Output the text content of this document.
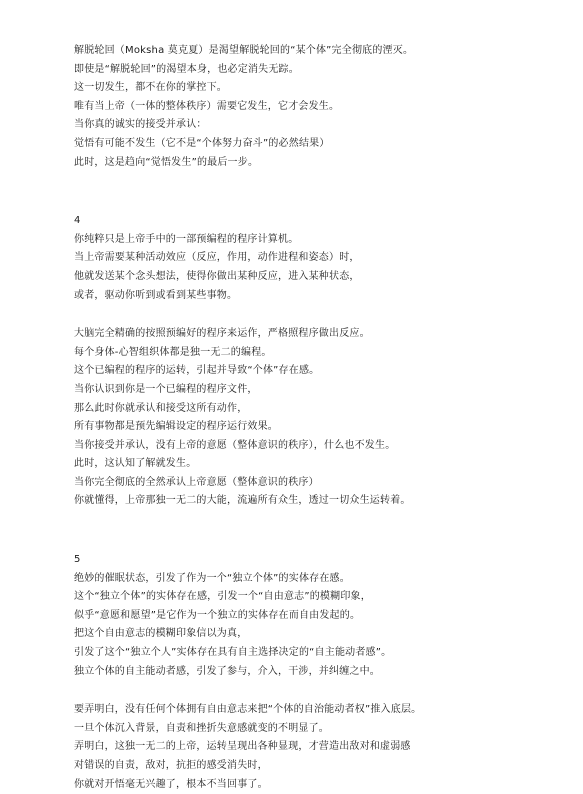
解脱轮回（Moksha 莫克夏）是渴望解脱轮回的“某个体”完全彻底的湮灭。
即使是“解脱轮回”的渴望本身，也必定消失无踪。
这一切发生，都不在你的掌控下。
唯有当上帝（一体的整体秩序）需要它发生，它才会发生。
当你真的诚实的接受并承认：
觉悟有可能不发生（它不是“个体努力奋斗”的必然结果）
此时，这是趋向“觉悟发生”的最后一步。
4
你纯粹只是上帝手中的一部预编程的程序计算机。
当上帝需要某种活动效应（反应，作用，动作进程和姿态）时，
他就发送某个念头想法，使得你做出某种反应，进入某种状态，
或者，驱动你听到或看到某些事物。
大脑完全精确的按照预编好的程序来运作，严格照程序做出反应。
每个身体-心智组织体都是独一无二的编程。
这个已编程的程序的运转，引起并导致“个体”存在感。
当你认识到你是一个已编程的程序文件，
那么此时你就承认和接受这所有动作，
所有事物都是预先编辑设定的程序运行效果。
当你接受并承认，没有上帝的意愿（整体意识的秩序），什么也不发生。
此时，这认知了解就发生。
当你完全彻底的全然承认上帝意愿（整体意识的秩序）
你就懂得，上帝那独一无二的大能，流遍所有众生，透过一切众生运转着。
5
绝妙的催眠状态，引发了作为一个“独立个体”的实体存在感。
这个“独立个体”的实体存在感，引发一个“自由意志”的模糊印象，
似乎“意愿和愿望”是它作为一个独立的实体存在而自由发起的。
把这个自由意志的模糊印象信以为真，
引发了这个“独立个人”实体存在具有自主选择决定的“自主能动者感”。
独立个体的自主能动者感，引发了参与，介入，干涉，并纠缠之中。
要弄明白，没有任何个体拥有自由意志来把“个体的自治能动者权”推入底层。
一旦个体沉入背景，自责和挫折失意感就变的不明显了。
弄明白，这独一无二的上帝，运转呈现出各种显现，才营造出敌对和虚弱感
对错误的自责，敌对，抗拒的感受消失时，
你就对开悟毫无兴趣了，根本不当回事了。
